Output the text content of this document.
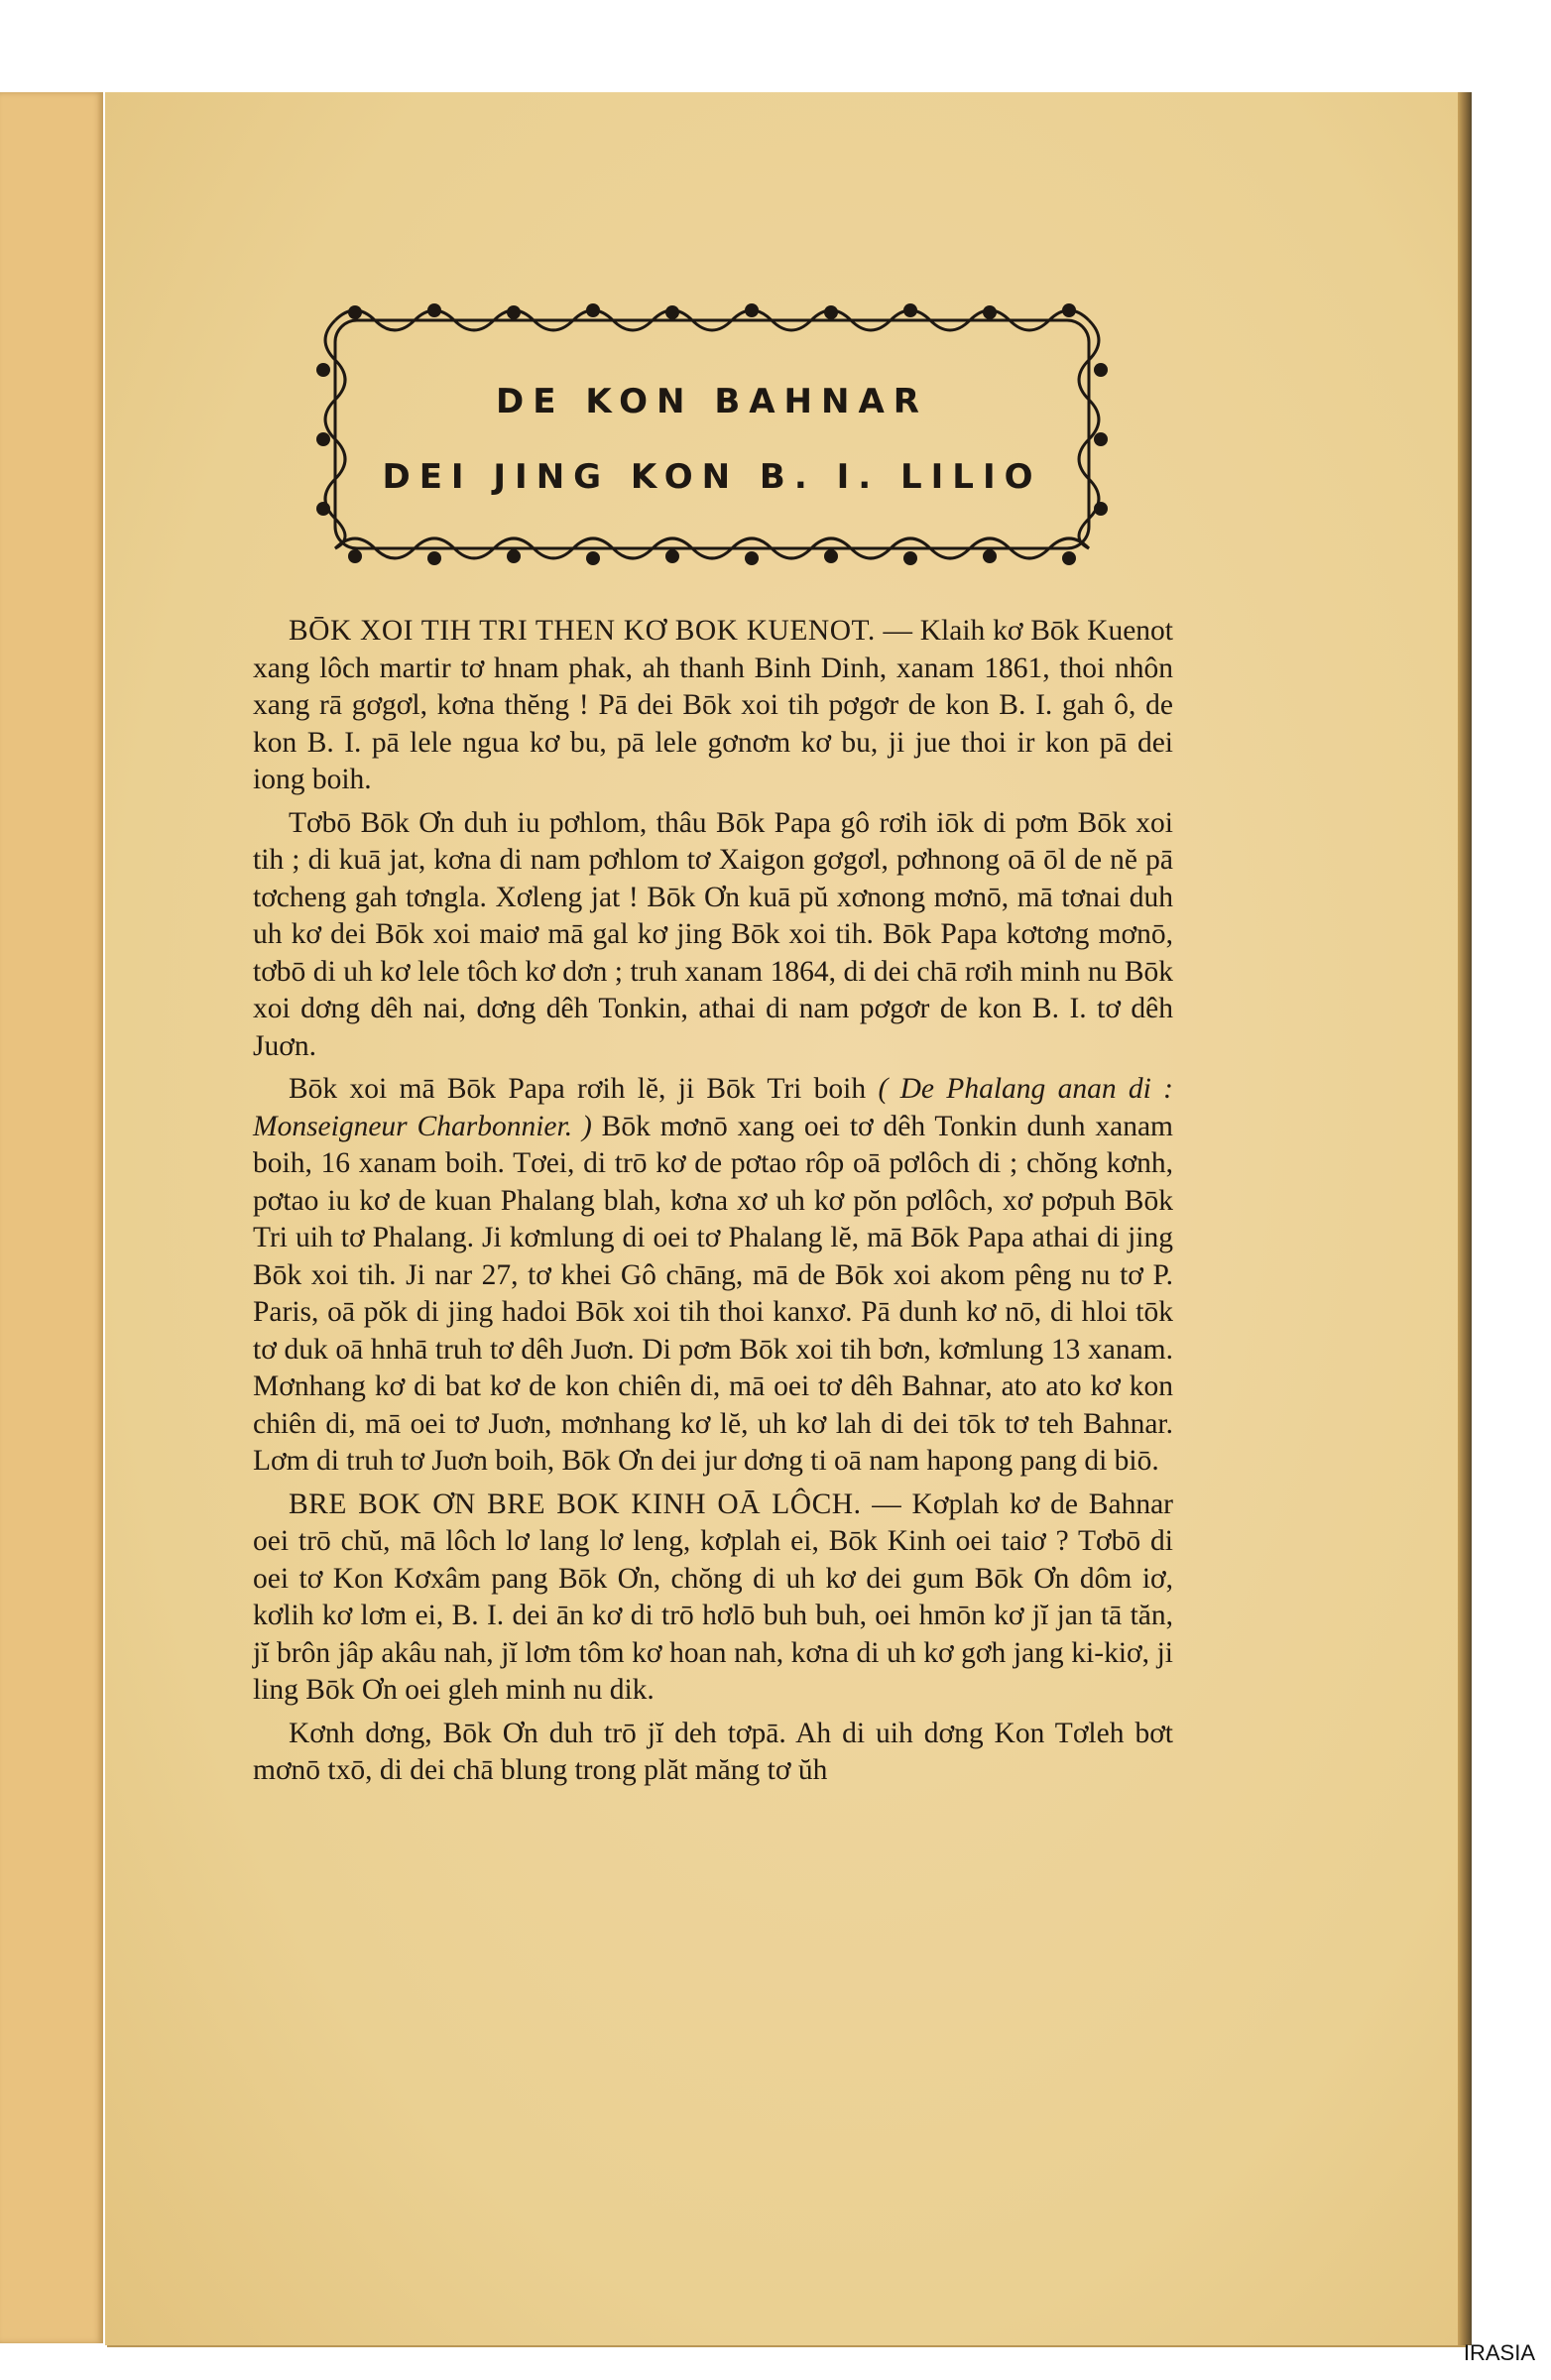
DE KON BAHNAR
DEI JING KON B. I. LILIO

BŌK XOI TIH TRI THEN KƠ BOK KUENOT. — Klaih kơ Bōk Kuenot xang lôch martir tơ hnam phak, ah thanh Binh Dinh, xanam 1861, thoi nhôn xang rā gơgơl, kơna thĕng ! Pā dei Bōk xoi tih pơgơr de kon B. I. gah ô, de kon B. I. pā lele ngua kơ bu, pā lele gơnơm kơ bu, ji jue thoi ir kon pā dei iong boih.

Tơbō Bōk Ơn duh iu pơhlom, thâu Bōk Papa gô rơih iōk di pơm Bōk xoi tih ; di kuā jat, kơna di nam pơhlom tơ Xaigon gơgơl, pơhnong oā ōl de nĕ pā tơcheng gah tơngla. Xơleng jat ! Bōk Ơn kuā pŭ xơnong mơnō, mā tơnai duh uh kơ dei Bōk xoi maiơ mā gal kơ jing Bōk xoi tih. Bōk Papa kơtơng mơnō, tơbō di uh kơ lele tôch kơ dơn ; truh xanam 1864, di dei chā rơih minh nu Bōk xoi dơng dêh nai, dơng dêh Tonkin, athai di nam pơgơr de kon B. I. tơ dêh Juơn.

Bōk xoi mā Bōk Papa rơih lĕ, ji Bōk Tri boih ( De Phalang anan di : Monseigneur Charbonnier. ) Bōk mơnō xang oei tơ dêh Tonkin dunh xanam boih, 16 xanam boih. Tơei, di trō kơ de pơtao rôp oā pơlôch di ; chŏng kơnh, pơtao iu kơ de kuan Phalang blah, kơna xơ uh kơ pŏn pơlôch, xơ pơpuh Bōk Tri uih tơ Phalang. Ji kơmlung di oei tơ Phalang lĕ, mā Bōk Papa athai di jing Bōk xoi tih. Ji nar 27, tơ khei Gô chāng, mā de Bōk xoi akom pêng nu tơ P. Paris, oā pŏk di jing hadoi Bōk xoi tih thoi kanxơ. Pā dunh kơ nō, di hloi tōk tơ duk oā hnhā truh tơ dêh Juơn. Di pơm Bōk xoi tih bơn, kơmlung 13 xanam. Mơnhang kơ di bat kơ de kon chiên di, mā oei tơ dêh Bahnar, ato ato kơ kon chiên di, mā oei tơ Juơn, mơnhang kơ lĕ, uh kơ lah di dei tōk tơ teh Bahnar. Lơm di truh tơ Juơn boih, Bōk Ơn dei jur dơng ti oā nam hapong pang di biō.

BRE BOK ƠN BRE BOK KINH OĀ LÔCH. — Kơplah kơ de Bahnar oei trō chŭ, mā lôch lơ lang lơ leng, kơplah ei, Bōk Kinh oei taiơ ? Tơbō di oei tơ Kon Kơxâm pang Bōk Ơn, chŏng di uh kơ dei gum Bōk Ơn dôm iơ, kơlih kơ lơm ei, B. I. dei ān kơ di trō hơlō buh buh, oei hmōn kơ jĭ jan tā tăn, jĭ brôn jâp akâu nah, jĭ lơm tôm kơ hoan nah, kơna di uh kơ gơh jang ki-kiơ, ji ling Bōk Ơn oei gleh minh nu dik.

Kơnh dơng, Bōk Ơn duh trō jĭ deh tơpā. Ah di uih dơng Kon Tơleh bơt mơnō txō, di dei chā blung trong plăt măng tơ ŭh

IRASIA
